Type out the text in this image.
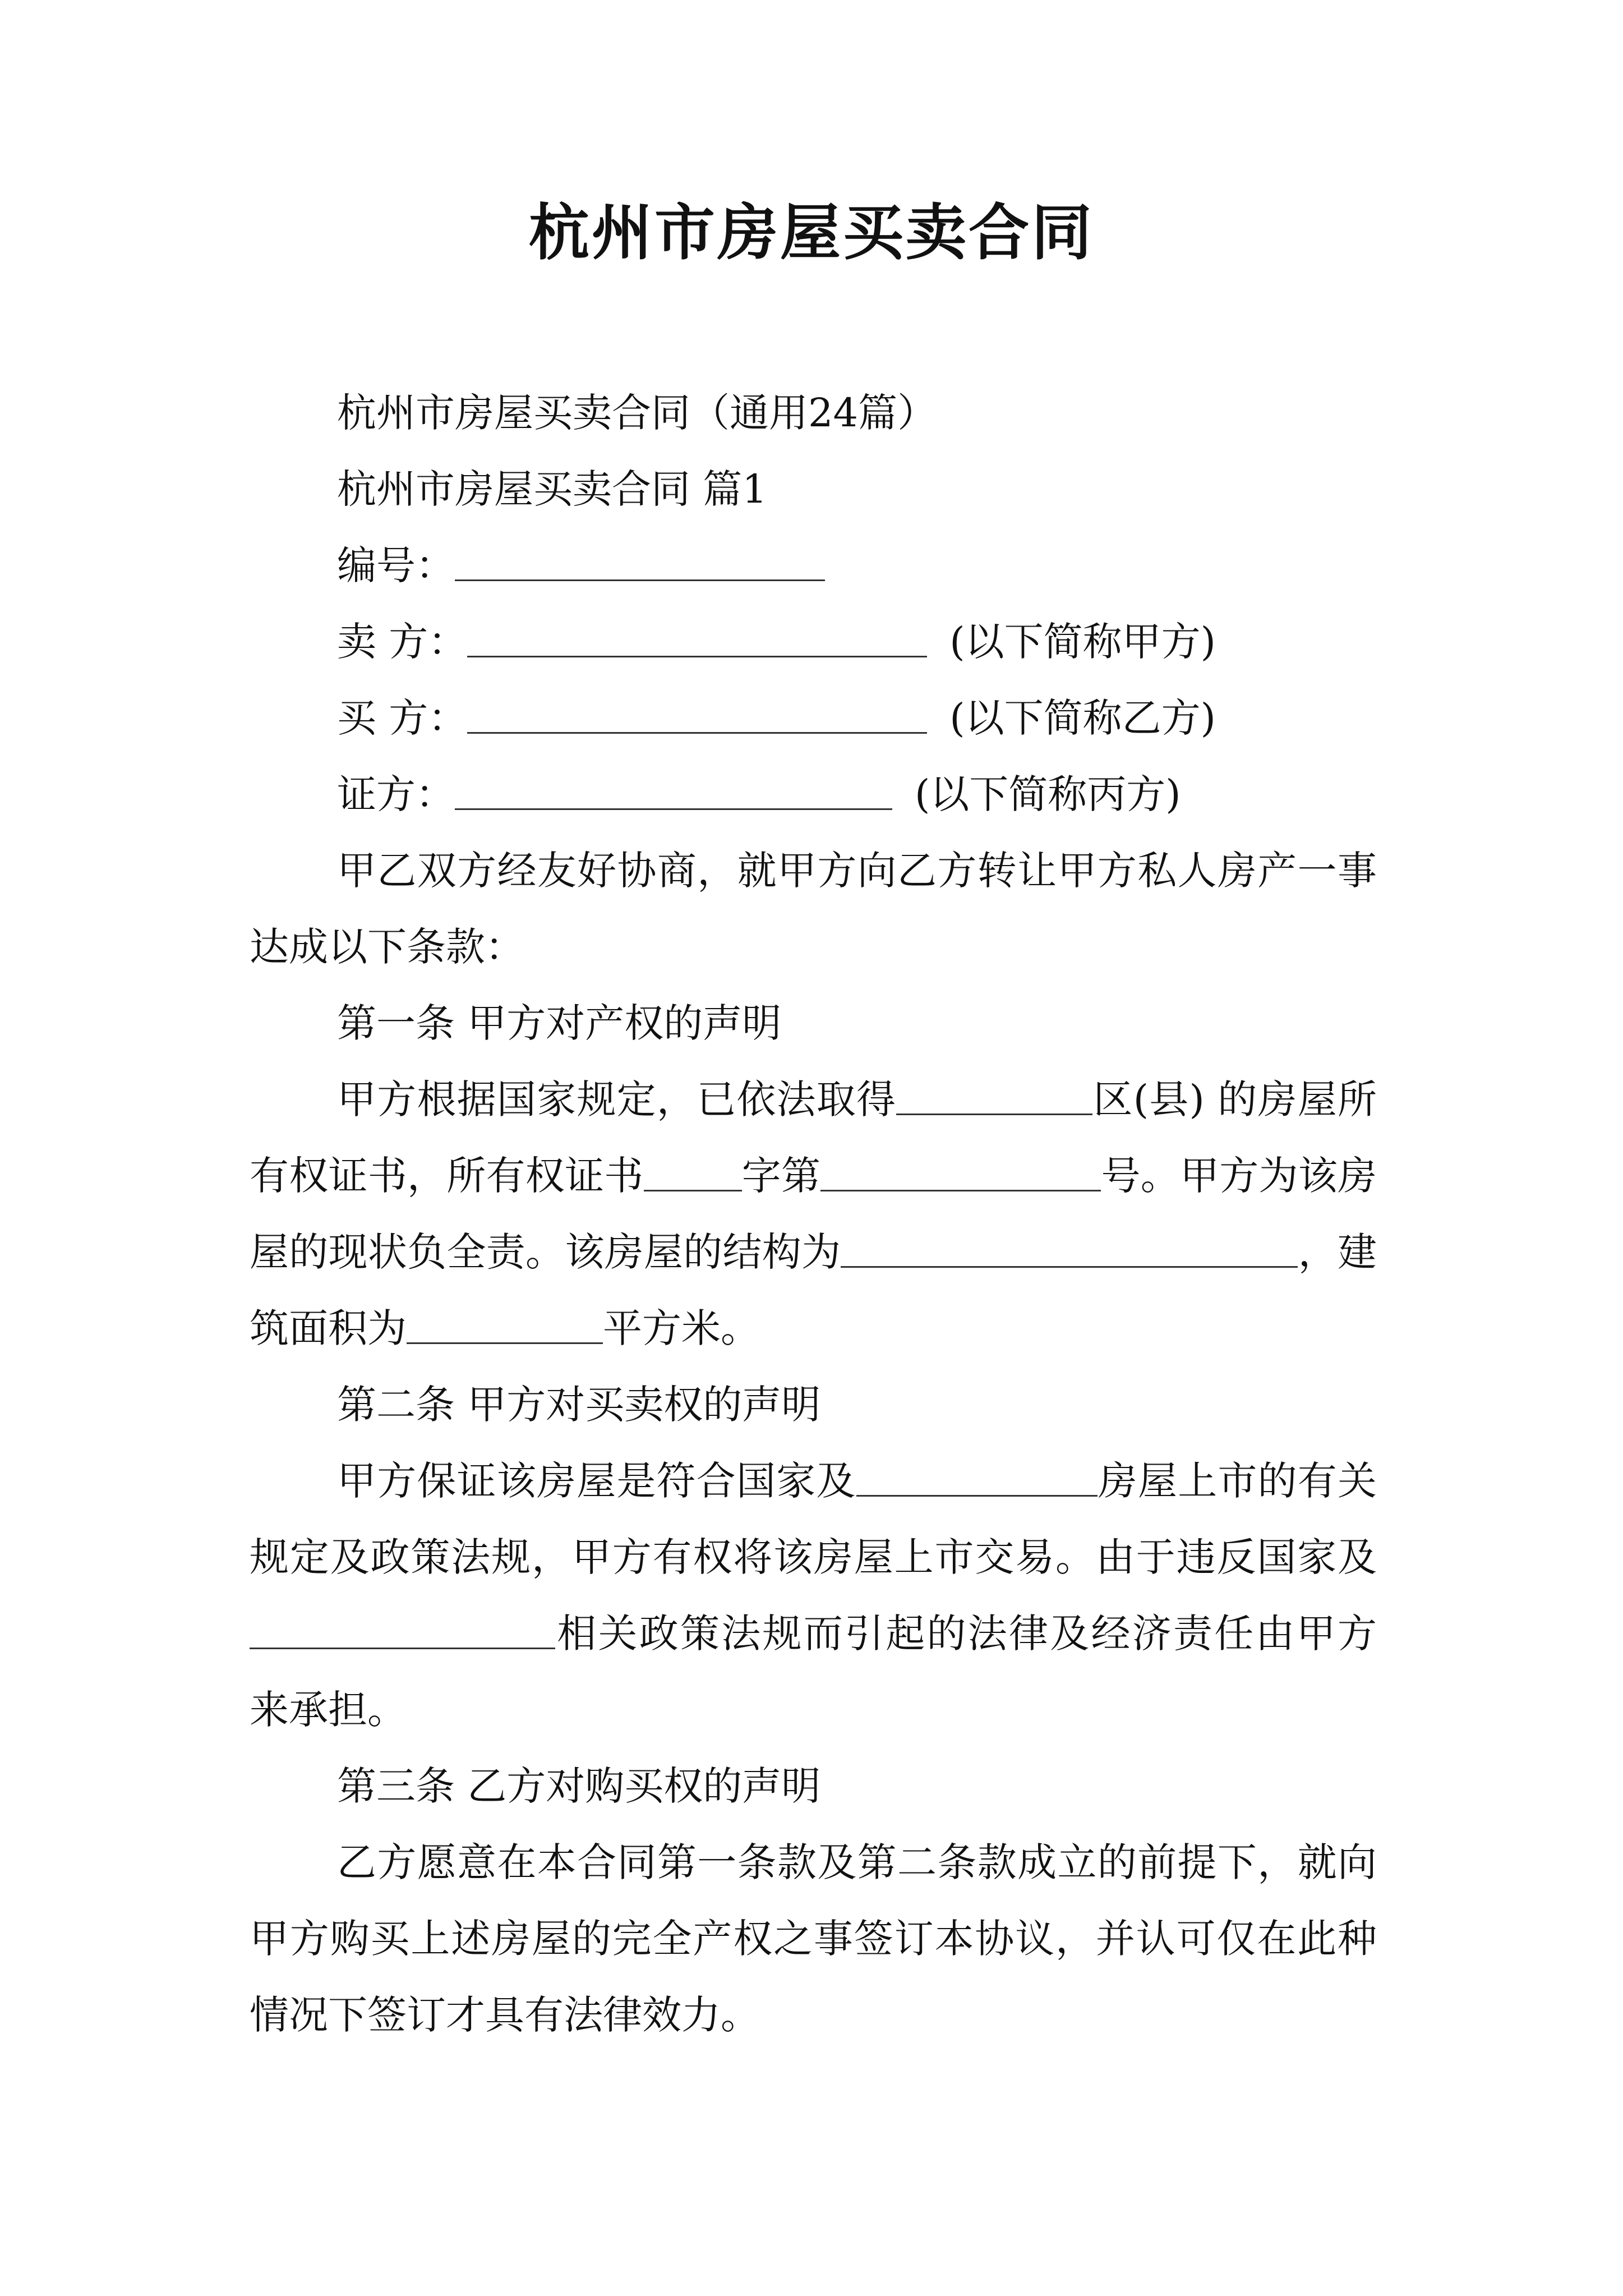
杭州市房屋买卖合同

杭州市房屋买卖合同（通用24篇）

杭州市房屋买卖合同 篇1

编号：

卖 方：	(以下简称甲方)

买 方：	(以下简称乙方)

证方：	(以下简称丙方)

甲乙双方经友好协商，就甲方向乙方转让甲方私人房产一事达成以下条款：

第一条 甲方对产权的声明

甲方根据国家规定，已依法取得	区(县) 的房屋所有权证书，所有权证书	字第	号。甲方为该房屋的现状负全责。该房屋的结构为	，建筑面积为	平方米。

第二条 甲方对买卖权的声明

甲方保证该房屋是符合国家及	房屋上市的有关规定及政策法规，甲方有权将该房屋上市交易。由于违反国家及相关政策法规而引起的法律及经济责任由甲方来承担。

第三条 乙方对购买权的声明

乙方愿意在本合同第一条款及第二条款成立的前提下，就向甲方购买上述房屋的完全产权之事签订本协议，并认可仅在此种情况下签订才具有法律效力。
